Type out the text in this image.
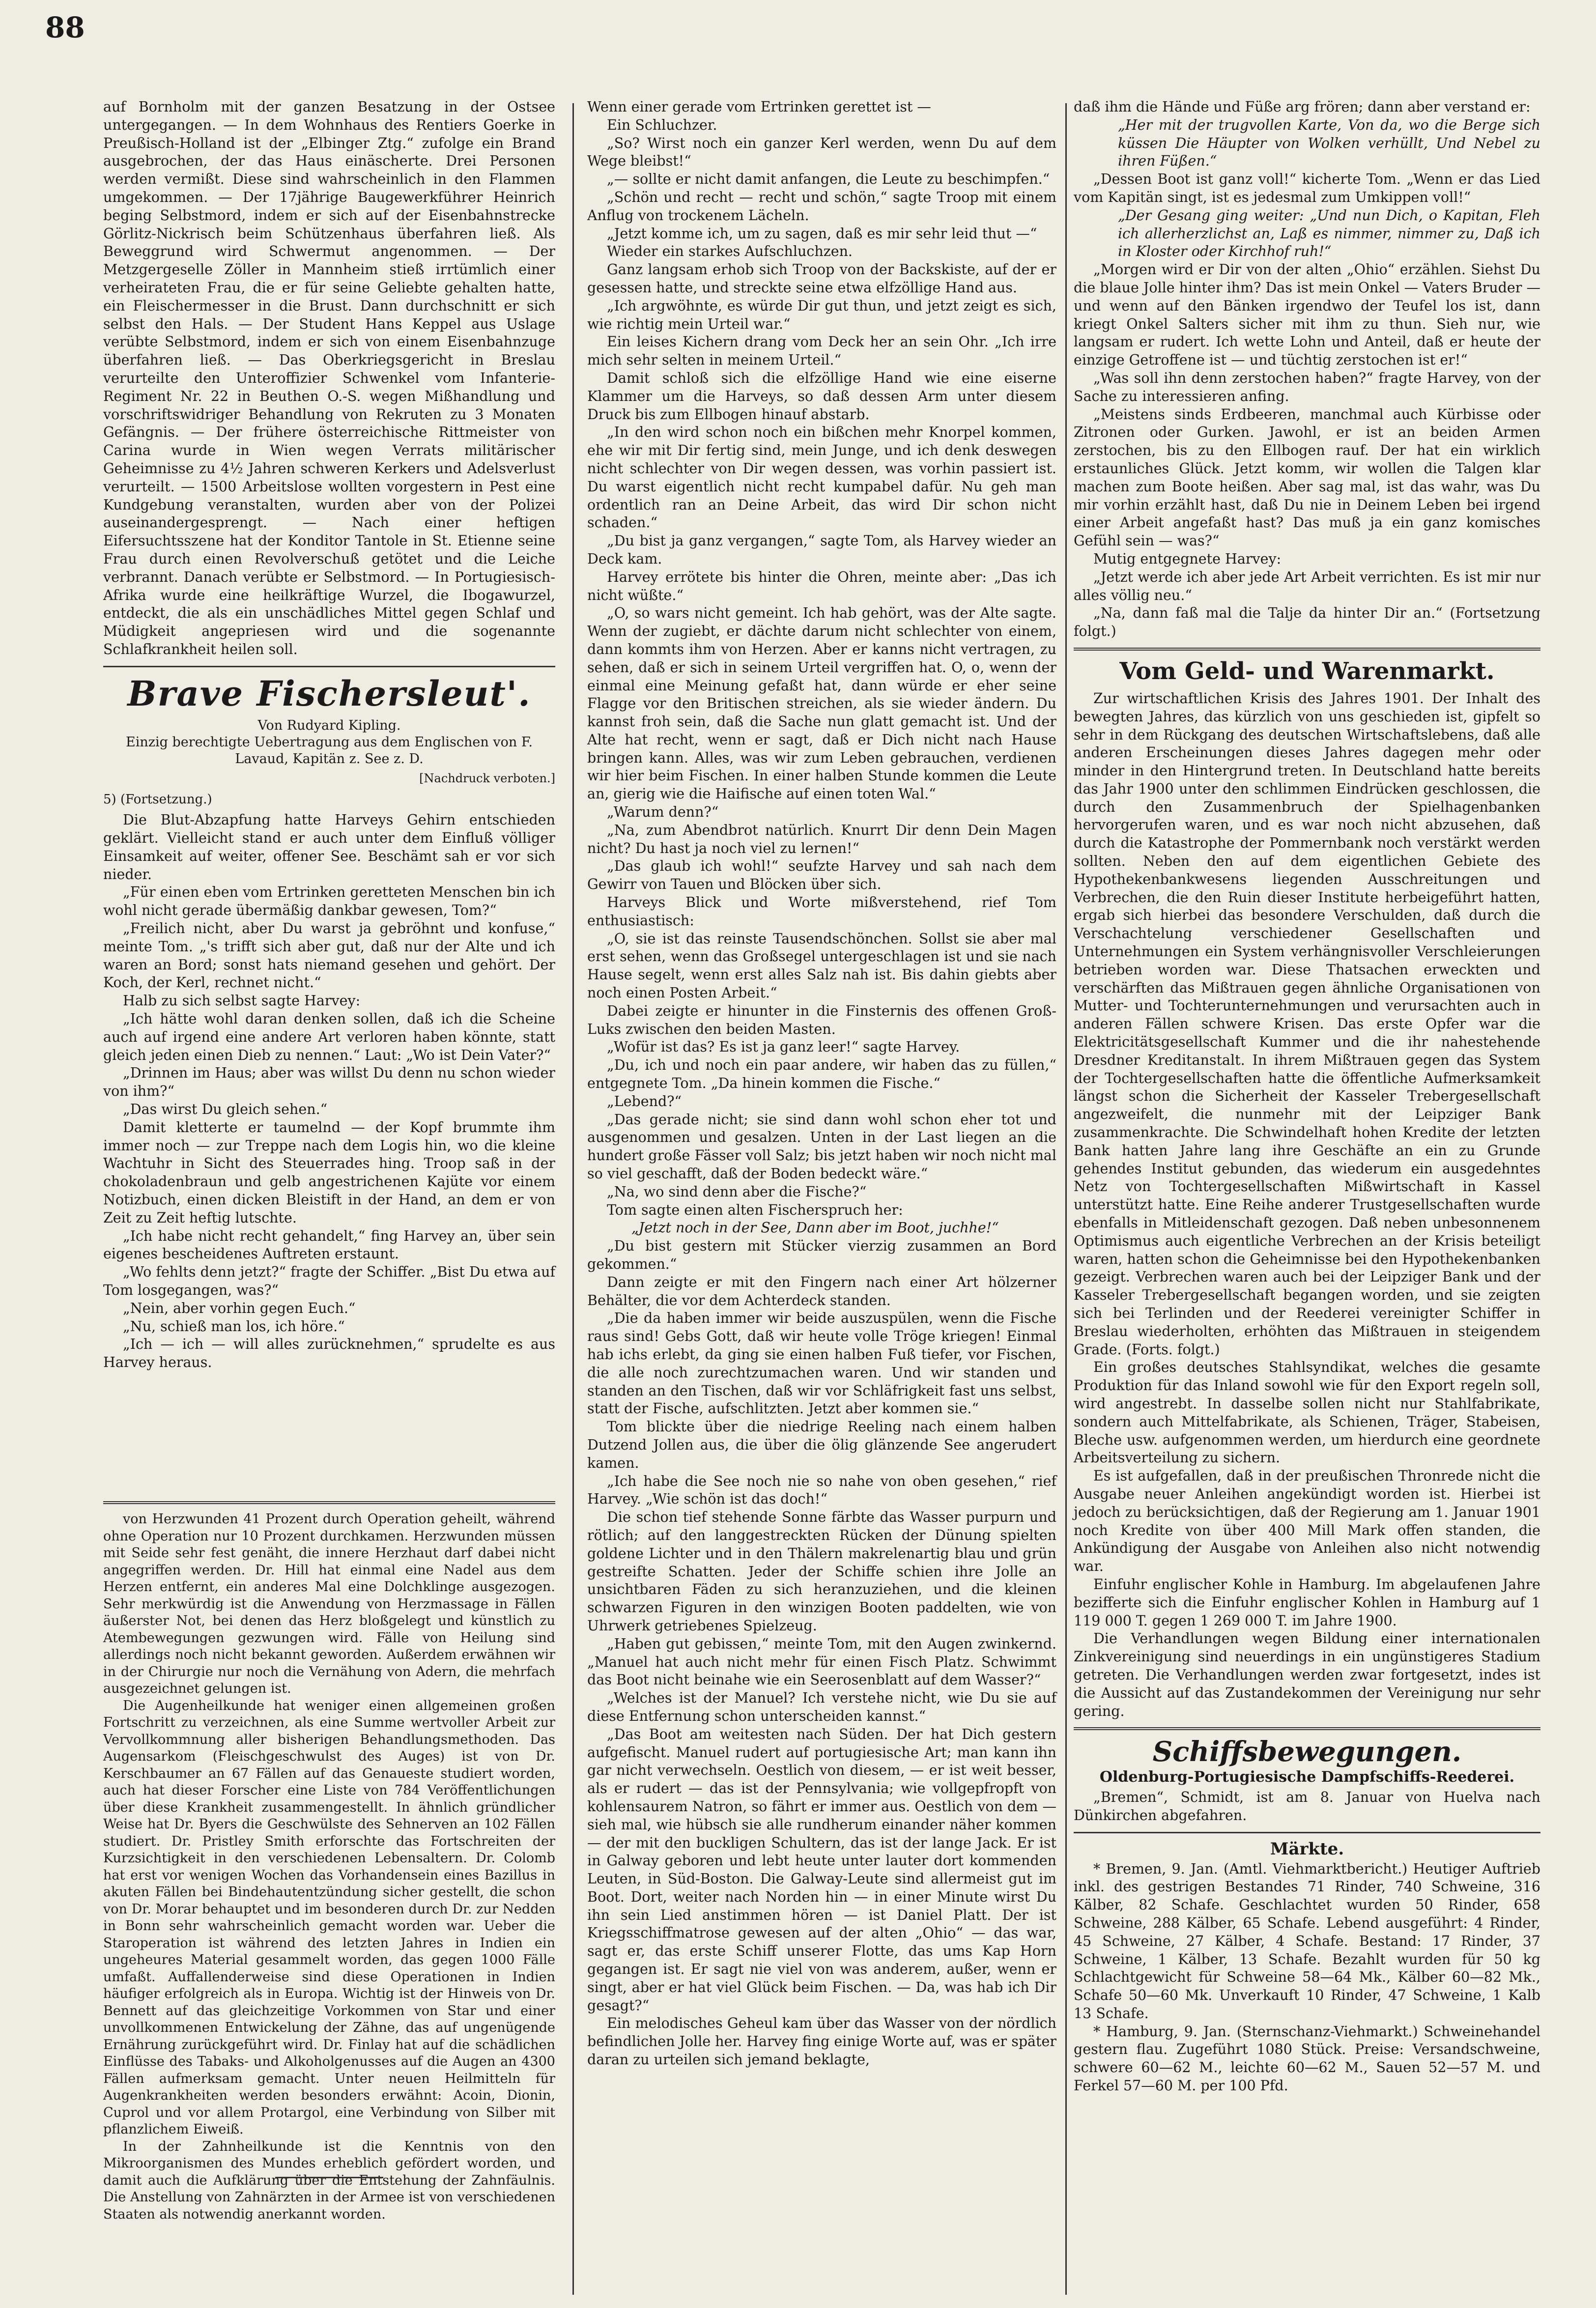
88

auf Bornholm mit der ganzen Besatzung in der Ostsee untergegangen. — In dem Wohnhaus des Rentiers Goerke in Preußisch-Holland ist der „Elbinger Ztg.“ zufolge ein Brand ausgebrochen, der das Haus einäscherte. Drei Personen werden vermißt. Diese sind wahrscheinlich in den Flammen umgekommen. — Der 17jährige Baugewerkführer Heinrich beging Selbstmord, indem er sich auf der Eisenbahnstrecke Görlitz-Nickrisch beim Schützenhaus überfahren ließ. Als Beweggrund wird Schwermut angenommen. — Der Metzgergeselle Zöller in Mannheim stieß irrtümlich einer verheirateten Frau, die er für seine Geliebte gehalten hatte, ein Fleischermesser in die Brust. Dann durchschnitt er sich selbst den Hals. — Der Student Hans Keppel aus Uslage verübte Selbstmord, indem er sich von einem Eisenbahnzuge überfahren ließ. — Das Oberkriegsgericht in Breslau verurteilte den Unteroffizier Schwenkel vom Infanterie-Regiment Nr. 22 in Beuthen O.-S. wegen Mißhandlung und vorschriftswidriger Behandlung von Rekruten zu 3 Monaten Gefängnis. — Der frühere österreichische Rittmeister von Carina wurde in Wien wegen Verrats militärischer Geheimnisse zu 4½ Jahren schweren Kerkers und Adelsverlust verurteilt. — 1500 Arbeitslose wollten vorgestern in Pest eine Kundgebung veranstalten, wurden aber von der Polizei auseinandergesprengt. — Nach einer heftigen Eifersuchtsszene hat der Konditor Tantole in St. Etienne seine Frau durch einen Revolverschuß getötet und die Leiche verbrannt. Danach verübte er Selbstmord. — In Portugiesisch-Afrika wurde eine heilkräftige Wurzel, die Ibogawurzel, entdeckt, die als ein unschädliches Mittel gegen Schlaf und Müdigkeit angepriesen wird und die sogenannte Schlafkrankheit heilen soll.

Brave Fischersleut'.
Von Rudyard Kipling.
Einzig berechtigte Uebertragung aus dem Englischen von F. Lavaud, Kapitän z. See z. D.
[Nachdruck verboten.]
5) (Fortsetzung.)

Die Blut-Abzapfung hatte Harveys Gehirn entschieden geklärt. Vielleicht stand er auch unter dem Einfluß völliger Einsamkeit auf weiter, offener See. Beschämt sah er vor sich nieder.

„Für einen eben vom Ertrinken geretteten Menschen bin ich wohl nicht gerade übermäßig dankbar gewesen, Tom?“

„Freilich nicht, aber Du warst ja gebröhnt und konfuse,“ meinte Tom. „'s trifft sich aber gut, daß nur der Alte und ich waren an Bord; sonst hats niemand gesehen und gehört. Der Koch, der Kerl, rechnet nicht.“

Halb zu sich selbst sagte Harvey:

„Ich hätte wohl daran denken sollen, daß ich die Scheine auch auf irgend eine andere Art verloren haben könnte, statt gleich jeden einen Dieb zu nennen.“ Laut: „Wo ist Dein Vater?“

„Drinnen im Haus; aber was willst Du denn nu schon wieder von ihm?“

„Das wirst Du gleich sehen.“

Damit kletterte er taumelnd — der Kopf brummte ihm immer noch — zur Treppe nach dem Logis hin, wo die kleine Wachtuhr in Sicht des Steuerrades hing. Troop saß in der chokoladenbraun und gelb angestrichenen Kajüte vor einem Notizbuch, einen dicken Bleistift in der Hand, an dem er von Zeit zu Zeit heftig lutschte.

„Ich habe nicht recht gehandelt,“ fing Harvey an, über sein eigenes bescheidenes Auftreten erstaunt.

„Wo fehlts denn jetzt?“ fragte der Schiffer. „Bist Du etwa auf Tom losgegangen, was?“

„Nein, aber vorhin gegen Euch.“

„Nu, schieß man los, ich höre.“

„Ich — ich — will alles zurücknehmen,“ sprudelte es aus Harvey heraus.

von Herzwunden 41 Prozent durch Operation geheilt, während ohne Operation nur 10 Prozent durchkamen. Herzwunden müssen mit Seide sehr fest genäht, die innere Herzhaut darf dabei nicht angegriffen werden. Dr. Hill hat einmal eine Nadel aus dem Herzen entfernt, ein anderes Mal eine Dolchklinge ausgezogen. Sehr merkwürdig ist die Anwendung von Herzmassage in Fällen äußerster Not, bei denen das Herz bloßgelegt und künstlich zu Atembewegungen gezwungen wird. Fälle von Heilung sind allerdings noch nicht bekannt geworden. Außerdem erwähnen wir in der Chirurgie nur noch die Vernähung von Adern, die mehrfach ausgezeichnet gelungen ist.

Die Augenheilkunde hat weniger einen allgemeinen großen Fortschritt zu verzeichnen, als eine Summe wertvoller Arbeit zur Vervollkommnung aller bisherigen Behandlungsmethoden. Das Augensarkom (Fleischgeschwulst des Auges) ist von Dr. Kerschbaumer an 67 Fällen auf das Genaueste studiert worden, auch hat dieser Forscher eine Liste von 784 Veröffentlichungen über diese Krankheit zusammengestellt. In ähnlich gründlicher Weise hat Dr. Byers die Geschwülste des Sehnerven an 102 Fällen studiert. Dr. Pristley Smith erforschte das Fortschreiten der Kurzsichtigkeit in den verschiedenen Lebensaltern. Dr. Colomb hat erst vor wenigen Wochen das Vorhandensein eines Bazillus in akuten Fällen bei Bindehautentzündung sicher gestellt, die schon von Dr. Morar behauptet und im besonderen durch Dr. zur Nedden in Bonn sehr wahrscheinlich gemacht worden war. Ueber die Staroperation ist während des letzten Jahres in Indien ein ungeheures Material gesammelt worden, das gegen 1000 Fälle umfaßt. Auffallenderweise sind diese Operationen in Indien häufiger erfolgreich als in Europa. Wichtig ist der Hinweis von Dr. Bennett auf das gleichzeitige Vorkommen von Star und einer unvollkommenen Entwickelung der Zähne, das auf ungenügende Ernährung zurückgeführt wird. Dr. Finlay hat auf die schädlichen Einflüsse des Tabaks- und Alkoholgenusses auf die Augen an 4300 Fällen aufmerksam gemacht. Unter neuen Heilmitteln für Augenkrankheiten werden besonders erwähnt: Acoin, Dionin, Cuprol und vor allem Protargol, eine Verbindung von Silber mit pflanzlichem Eiweiß.

In der Zahnheilkunde ist die Kenntnis von den Mikroorganismen des Mundes erheblich gefördert worden, und damit auch die Aufklärung über die Entstehung der Zahnfäulnis. Die Anstellung von Zahnärzten in der Armee ist von verschiedenen Staaten als notwendig anerkannt worden.

Wenn einer gerade vom Ertrinken gerettet ist —

Ein Schluchzer.

„So? Wirst noch ein ganzer Kerl werden, wenn Du auf dem Wege bleibst!“

„— sollte er nicht damit anfangen, die Leute zu beschimpfen.“

„Schön und recht — recht und schön,“ sagte Troop mit einem Anflug von trockenem Lächeln.

„Jetzt komme ich, um zu sagen, daß es mir sehr leid thut —“

Wieder ein starkes Aufschluchzen.

Ganz langsam erhob sich Troop von der Backskiste, auf der er gesessen hatte, und streckte seine etwa elfzöllige Hand aus.

„Ich argwöhnte, es würde Dir gut thun, und jetzt zeigt es sich, wie richtig mein Urteil war.“

Ein leises Kichern drang vom Deck her an sein Ohr. „Ich irre mich sehr selten in meinem Urteil.“

Damit schloß sich die elfzöllige Hand wie eine eiserne Klammer um die Harveys, so daß dessen Arm unter diesem Druck bis zum Ellbogen hinauf abstarb.

„In den wird schon noch ein bißchen mehr Knorpel kommen, ehe wir mit Dir fertig sind, mein Junge, und ich denk deswegen nicht schlechter von Dir wegen dessen, was vorhin passiert ist. Du warst eigentlich nicht recht kumpabel dafür. Nu geh man ordentlich ran an Deine Arbeit, das wird Dir schon nicht schaden.“

„Du bist ja ganz vergangen,“ sagte Tom, als Harvey wieder an Deck kam.

Harvey errötete bis hinter die Ohren, meinte aber: „Das ich nicht wüßte.“

„O, so wars nicht gemeint. Ich hab gehört, was der Alte sagte. Wenn der zugiebt, er dächte darum nicht schlechter von einem, dann kommts ihm von Herzen. Aber er kanns nicht vertragen, zu sehen, daß er sich in seinem Urteil vergriffen hat. O, o, wenn der einmal eine Meinung gefaßt hat, dann würde er eher seine Flagge vor den Britischen streichen, als sie wieder ändern. Du kannst froh sein, daß die Sache nun glatt gemacht ist. Und der Alte hat recht, wenn er sagt, daß er Dich nicht nach Hause bringen kann. Alles, was wir zum Leben gebrauchen, verdienen wir hier beim Fischen. In einer halben Stunde kommen die Leute an, gierig wie die Haifische auf einen toten Wal.“

„Warum denn?“

„Na, zum Abendbrot natürlich. Knurrt Dir denn Dein Magen nicht? Du hast ja noch viel zu lernen!“

„Das glaub ich wohl!“ seufzte Harvey und sah nach dem Gewirr von Tauen und Blöcken über sich.

Harveys Blick und Worte mißverstehend, rief Tom enthusiastisch:

„O, sie ist das reinste Tausendschönchen. Sollst sie aber mal erst sehen, wenn das Großsegel untergeschlagen ist und sie nach Hause segelt, wenn erst alles Salz nah ist. Bis dahin giebts aber noch einen Posten Arbeit.“

Dabei zeigte er hinunter in die Finsternis des offenen Groß-Luks zwischen den beiden Masten.

„Wofür ist das? Es ist ja ganz leer!“ sagte Harvey.

„Du, ich und noch ein paar andere, wir haben das zu füllen,“ entgegnete Tom. „Da hinein kommen die Fische.“

„Lebend?“

„Das gerade nicht; sie sind dann wohl schon eher tot und ausgenommen und gesalzen. Unten in der Last liegen an die hundert große Fässer voll Salz; bis jetzt haben wir noch nicht mal so viel geschafft, daß der Boden bedeckt wäre.“

„Na, wo sind denn aber die Fische?“

Tom sagte einen alten Fischerspruch her:

„Jetzt noch in der See, Dann aber im Boot, juchhe!“

„Du bist gestern mit Stücker vierzig zusammen an Bord gekommen.“

Dann zeigte er mit den Fingern nach einer Art hölzerner Behälter, die vor dem Achterdeck standen.

„Die da haben immer wir beide auszuspülen, wenn die Fische raus sind! Gebs Gott, daß wir heute volle Tröge kriegen! Einmal hab ichs erlebt, da ging sie einen halben Fuß tiefer, vor Fischen, die alle noch zurechtzumachen waren. Und wir standen und standen an den Tischen, daß wir vor Schläfrigkeit fast uns selbst, statt der Fische, aufschlitzten. Jetzt aber kommen sie.“

Tom blickte über die niedrige Reeling nach einem halben Dutzend Jollen aus, die über die ölig glänzende See angerudert kamen.

„Ich habe die See noch nie so nahe von oben gesehen,“ rief Harvey. „Wie schön ist das doch!“

Die schon tief stehende Sonne färbte das Wasser purpurn und rötlich; auf den langgestreckten Rücken der Dünung spielten goldene Lichter und in den Thälern makrelenartig blau und grün gestreifte Schatten. Jeder der Schiffe schien ihre Jolle an unsichtbaren Fäden zu sich heranzuziehen, und die kleinen schwarzen Figuren in den winzigen Booten paddelten, wie von Uhrwerk getriebenes Spielzeug.

„Haben gut gebissen,“ meinte Tom, mit den Augen zwinkernd. „Manuel hat auch nicht mehr für einen Fisch Platz. Schwimmt das Boot nicht beinahe wie ein Seerosenblatt auf dem Wasser?“

„Welches ist der Manuel? Ich verstehe nicht, wie Du sie auf diese Entfernung schon unterscheiden kannst.“

„Das Boot am weitesten nach Süden. Der hat Dich gestern aufgefischt. Manuel rudert auf portugiesische Art; man kann ihn gar nicht verwechseln. Oestlich von diesem, — er ist weit besser, als er rudert — das ist der Pennsylvania; wie vollgepfropft von kohlensaurem Natron, so fährt er immer aus. Oestlich von dem — sieh mal, wie hübsch sie alle rundherum einander näher kommen — der mit den buckligen Schultern, das ist der lange Jack. Er ist in Galway geboren und lebt heute unter lauter dort kommenden Leuten, in Süd-Boston. Die Galway-Leute sind allermeist gut im Boot. Dort, weiter nach Norden hin — in einer Minute wirst Du ihn sein Lied anstimmen hören — ist Daniel Platt. Der ist Kriegsschiffmatrose gewesen auf der alten „Ohio“ — das war, sagt er, das erste Schiff unserer Flotte, das ums Kap Horn gegangen ist. Er sagt nie viel von was anderem, außer, wenn er singt, aber er hat viel Glück beim Fischen. — Da, was hab ich Dir gesagt?“

Ein melodisches Geheul kam über das Wasser von der nördlich befindlichen Jolle her. Harvey fing einige Worte auf, was er später daran zu urteilen sich jemand beklagte,

daß ihm die Hände und Füße arg frören; dann aber verstand er:

„Her mit der trugvollen Karte, Von da, wo die Berge sich küssen Die Häupter von Wolken verhüllt, Und Nebel zu ihren Füßen.“

„Dessen Boot ist ganz voll!“ kicherte Tom. „Wenn er das Lied vom Kapitän singt, ist es jedesmal zum Umkippen voll!“

„Der Gesang ging weiter: „Und nun Dich, o Kapitan, Fleh ich allerherzlichst an, Laß es nimmer, nimmer zu, Daß ich in Kloster oder Kirchhof ruh!“

„Morgen wird er Dir von der alten „Ohio“ erzählen. Siehst Du die blaue Jolle hinter ihm? Das ist mein Onkel — Vaters Bruder — und wenn auf den Bänken irgendwo der Teufel los ist, dann kriegt Onkel Salters sicher mit ihm zu thun. Sieh nur, wie langsam er rudert. Ich wette Lohn und Anteil, daß er heute der einzige Getroffene ist — und tüchtig zerstochen ist er!“

„Was soll ihn denn zerstochen haben?“ fragte Harvey, von der Sache zu interessieren anfing.

„Meistens sinds Erdbeeren, manchmal auch Kürbisse oder Zitronen oder Gurken. Jawohl, er ist an beiden Armen zerstochen, bis zu den Ellbogen rauf. Der hat ein wirklich erstaunliches Glück. Jetzt komm, wir wollen die Talgen klar machen zum Boote heißen. Aber sag mal, ist das wahr, was Du mir vorhin erzählt hast, daß Du nie in Deinem Leben bei irgend einer Arbeit angefaßt hast? Das muß ja ein ganz komisches Gefühl sein — was?“

Mutig entgegnete Harvey:

„Jetzt werde ich aber jede Art Arbeit verrichten. Es ist mir nur alles völlig neu.“

„Na, dann faß mal die Talje da hinter Dir an.“ (Fortsetzung folgt.)

Vom Geld- und Warenmarkt.

Zur wirtschaftlichen Krisis des Jahres 1901. Der Inhalt des bewegten Jahres, das kürzlich von uns geschieden ist, gipfelt so sehr in dem Rückgang des deutschen Wirtschaftslebens, daß alle anderen Erscheinungen dieses Jahres dagegen mehr oder minder in den Hintergrund treten. In Deutschland hatte bereits das Jahr 1900 unter den schlimmen Eindrücken geschlossen, die durch den Zusammenbruch der Spielhagenbanken hervorgerufen waren, und es war noch nicht abzusehen, daß durch die Katastrophe der Pommernbank noch verstärkt werden sollten. Neben den auf dem eigentlichen Gebiete des Hypothekenbankwesens liegenden Ausschreitungen und Verbrechen, die den Ruin dieser Institute herbeigeführt hatten, ergab sich hierbei das besondere Verschulden, daß durch die Verschachtelung verschiedener Gesellschaften und Unternehmungen ein System verhängnisvoller Verschleierungen betrieben worden war. Diese Thatsachen erweckten und verschärften das Mißtrauen gegen ähnliche Organisationen von Mutter- und Tochterunternehmungen und verursachten auch in anderen Fällen schwere Krisen. Das erste Opfer war die Elektricitätsgesellschaft Kummer und die ihr nahestehende Dresdner Kreditanstalt. In ihrem Mißtrauen gegen das System der Tochtergesellschaften hatte die öffentliche Aufmerksamkeit längst schon die Sicherheit der Kasseler Trebergesellschaft angezweifelt, die nunmehr mit der Leipziger Bank zusammenkrachte. Die Schwindelhaft hohen Kredite der letzten Bank hatten Jahre lang ihre Geschäfte an ein zu Grunde gehendes Institut gebunden, das wiederum ein ausgedehntes Netz von Tochtergesellschaften Mißwirtschaft in Kassel unterstützt hatte. Eine Reihe anderer Trustgesellschaften wurde ebenfalls in Mitleidenschaft gezogen. Daß neben unbesonnenem Optimismus auch eigentliche Verbrechen an der Krisis beteiligt waren, hatten schon die Geheimnisse bei den Hypothekenbanken gezeigt. Verbrechen waren auch bei der Leipziger Bank und der Kasseler Trebergesellschaft begangen worden, und sie zeigten sich bei Terlinden und der Reederei vereinigter Schiffer in Breslau wiederholten, erhöhten das Mißtrauen in steigendem Grade. (Forts. folgt.)

Ein großes deutsches Stahlsyndikat, welches die gesamte Produktion für das Inland sowohl wie für den Export regeln soll, wird angestrebt. In dasselbe sollen nicht nur Stahlfabrikate, sondern auch Mittelfabrikate, als Schienen, Träger, Stabeisen, Bleche usw. aufgenommen werden, um hierdurch eine geordnete Arbeitsverteilung zu sichern.

Es ist aufgefallen, daß in der preußischen Thronrede nicht die Ausgabe neuer Anleihen angekündigt worden ist. Hierbei ist jedoch zu berücksichtigen, daß der Regierung am 1. Januar 1901 noch Kredite von über 400 Mill Mark offen standen, die Ankündigung der Ausgabe von Anleihen also nicht notwendig war.

Einfuhr englischer Kohle in Hamburg. Im abgelaufenen Jahre bezifferte sich die Einfuhr englischer Kohlen in Hamburg auf 1 119 000 T. gegen 1 269 000 T. im Jahre 1900.

Die Verhandlungen wegen Bildung einer internationalen Zinkvereinigung sind neuerdings in ein ungünstigeres Stadium getreten. Die Verhandlungen werden zwar fortgesetzt, indes ist die Aussicht auf das Zustandekommen der Vereinigung nur sehr gering.

Schiffsbewegungen.
Oldenburg-Portugiesische Dampfschiffs-Reederei.

„Bremen“, Schmidt, ist am 8. Januar von Huelva nach Dünkirchen abgefahren.

Märkte.

* Bremen, 9. Jan. (Amtl. Viehmarktbericht.) Heutiger Auftrieb inkl. des gestrigen Bestandes 71 Rinder, 740 Schweine, 316 Kälber, 82 Schafe. Geschlachtet wurden 50 Rinder, 658 Schweine, 288 Kälber, 65 Schafe. Lebend ausgeführt: 4 Rinder, 45 Schweine, 27 Kälber, 4 Schafe. Bestand: 17 Rinder, 37 Schweine, 1 Kälber, 13 Schafe. Bezahlt wurden für 50 kg Schlachtgewicht für Schweine 58—64 Mk., Kälber 60—82 Mk., Schafe 50—60 Mk. Unverkauft 10 Rinder, 47 Schweine, 1 Kalb 13 Schafe.

* Hamburg, 9. Jan. (Sternschanz-Viehmarkt.) Schweinehandel gestern flau. Zugeführt 1080 Stück. Preise: Versandschweine, schwere 60—62 M., leichte 60—62 M., Sauen 52—57 M. und Ferkel 57—60 M. per 100 Pfd.
